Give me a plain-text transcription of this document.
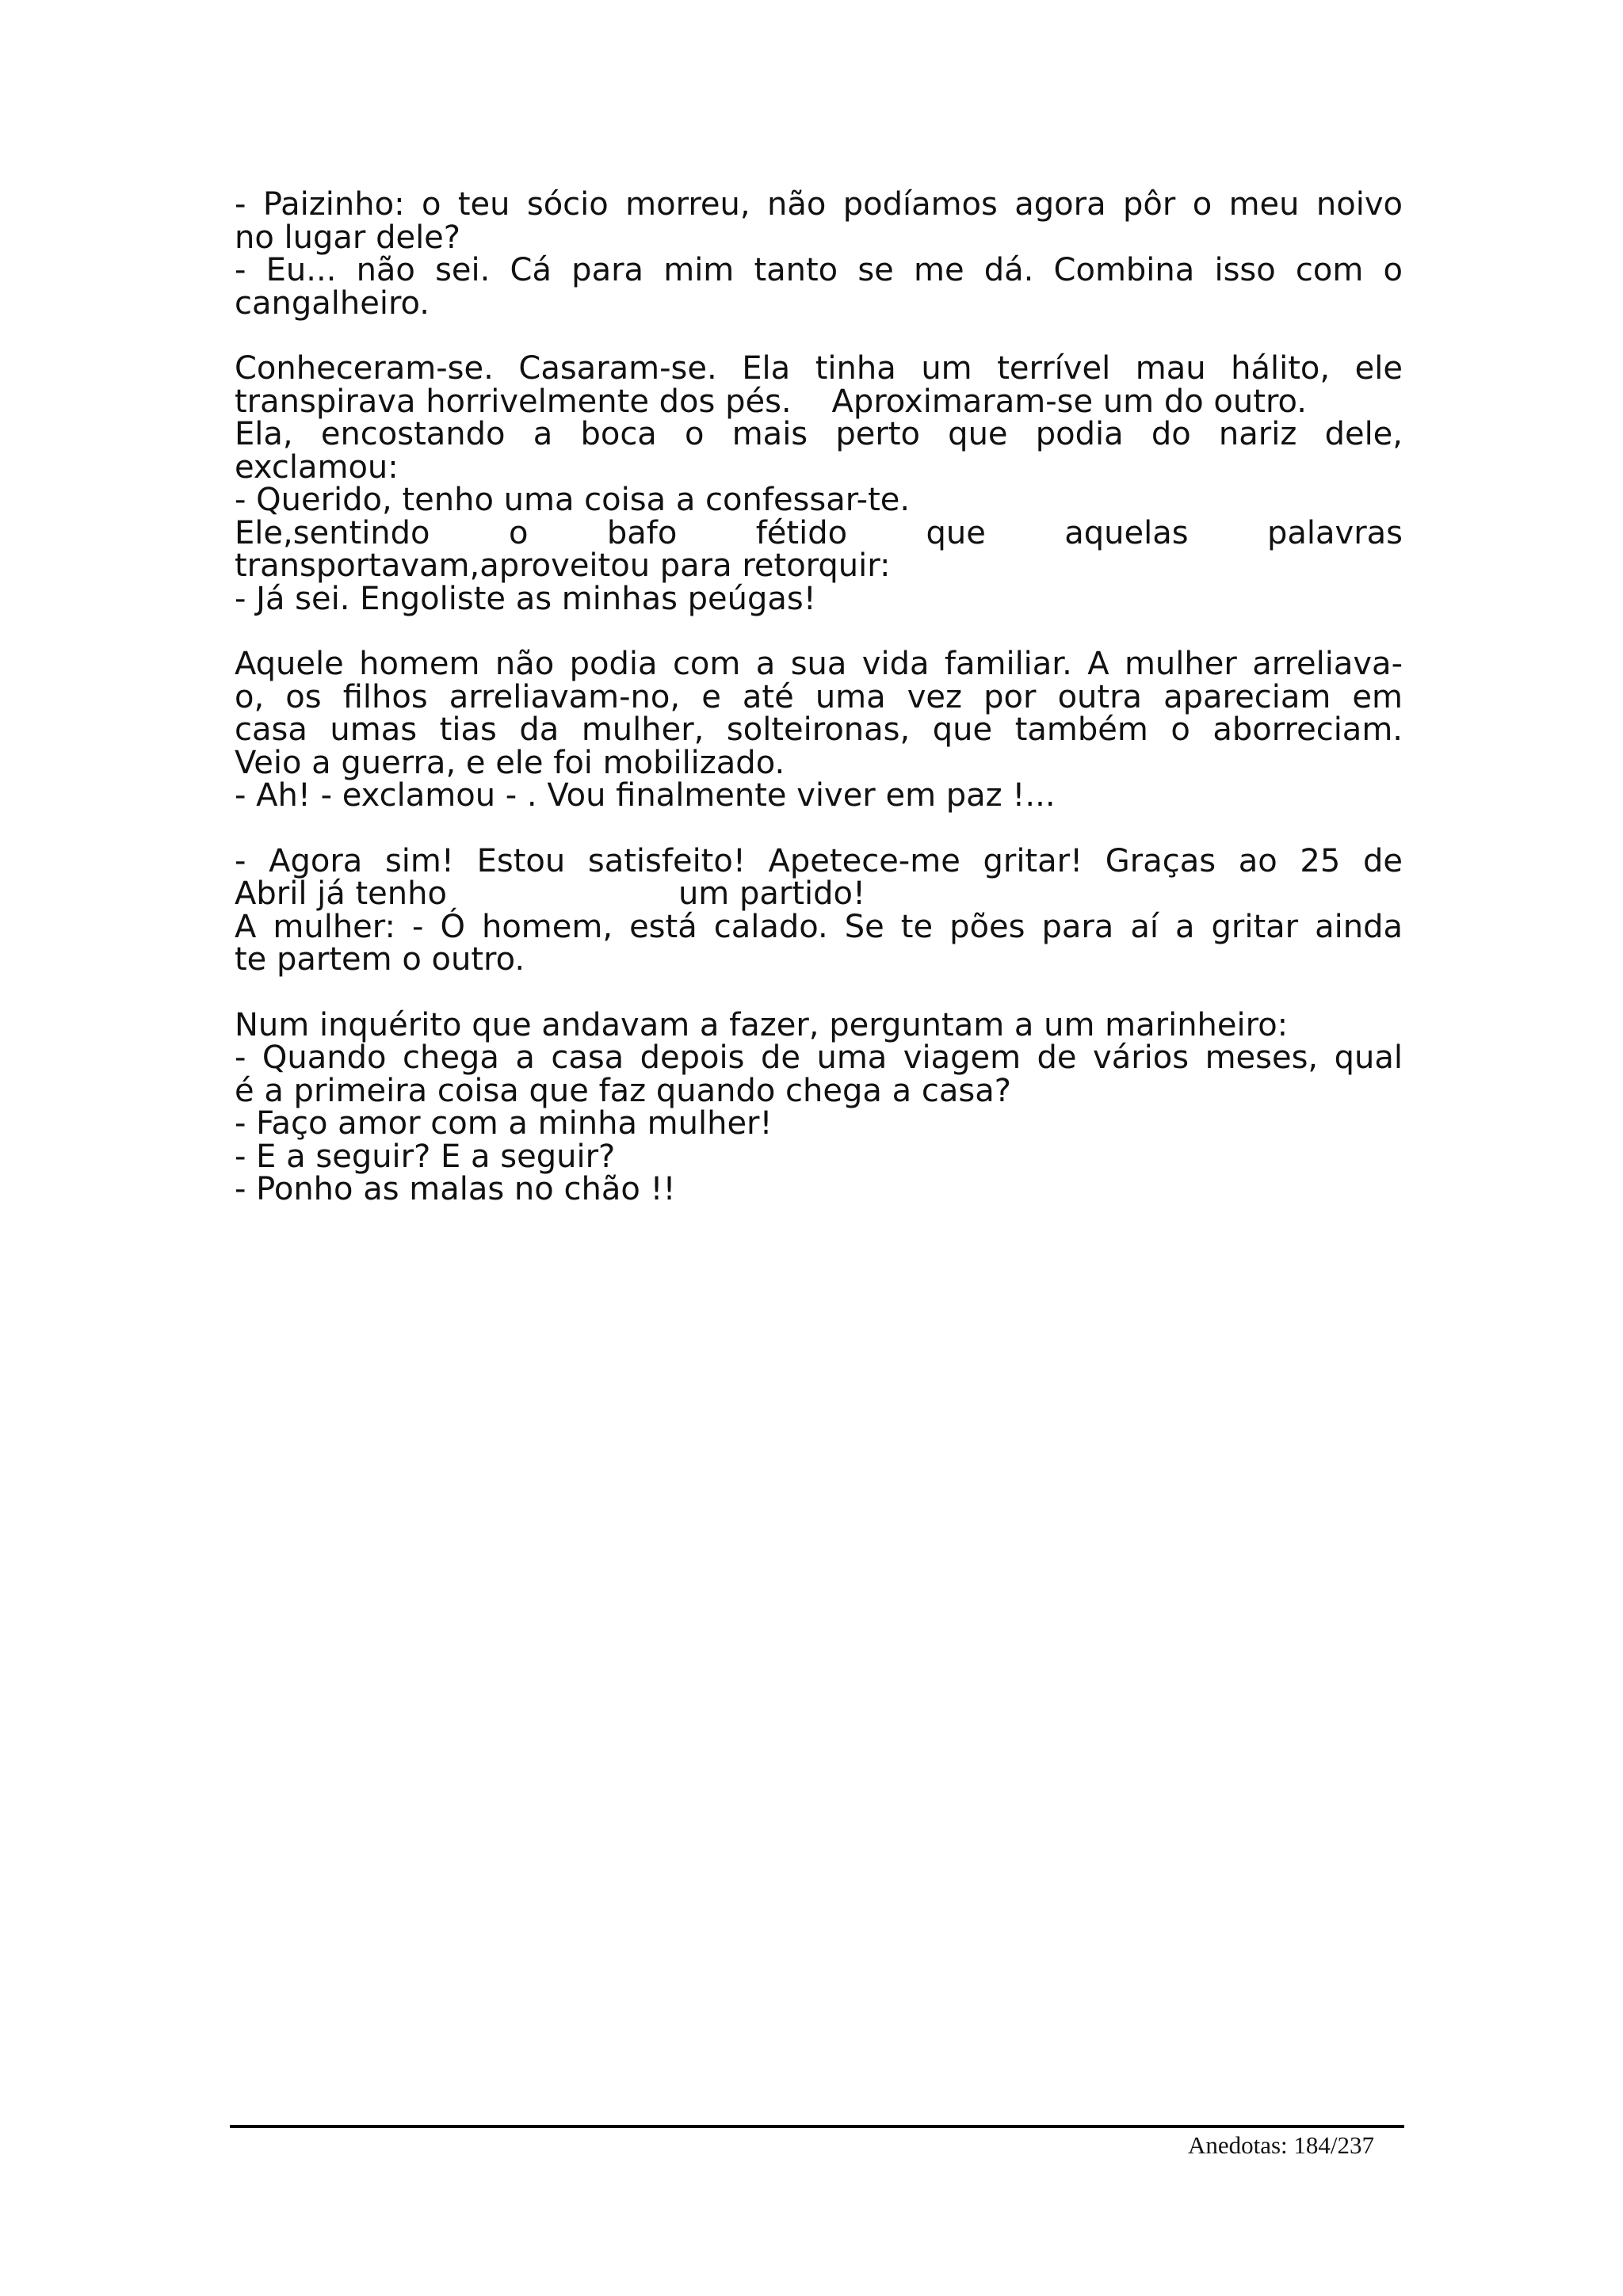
- Paizinho: o teu sócio morreu, não podíamos agora pôr o meu noivo
no lugar dele?
- Eu... não sei. Cá para mim tanto se me dá. Combina isso com o
cangalheiro.
Conheceram-se. Casaram-se. Ela tinha um terrível mau hálito, ele
transpirava horrivelmente dos pés.    Aproximaram-se um do outro.
Ela, encostando a boca o mais perto que podia do nariz dele,
exclamou:
- Querido, tenho uma coisa a confessar-te.
Ele,sentindo o bafo fétido que aquelas palavras
transportavam,aproveitou para retorquir:
- Já sei. Engoliste as minhas peúgas!
Aquele homem não podia com a sua vida familiar. A mulher arreliava-
o, os filhos arreliavam-no, e até uma vez por outra apareciam em
casa umas tias da mulher, solteironas, que também o aborreciam.
Veio a guerra, e ele foi mobilizado.
- Ah! - exclamou - . Vou finalmente viver em paz !...
- Agora sim! Estou satisfeito! Apetece-me gritar! Graças ao 25 de
Abril já tenho	um partido!
A mulher: - Ó homem, está calado. Se te pões para aí a gritar ainda
te partem o outro.
Num inquérito que andavam a fazer, perguntam a um marinheiro:
- Quando chega a casa depois de uma viagem de vários meses, qual
é a primeira coisa que faz quando chega a casa?
- Faço amor com a minha mulher!
- E a seguir? E a seguir?
- Ponho as malas no chão !!
Anedotas: 184/237
